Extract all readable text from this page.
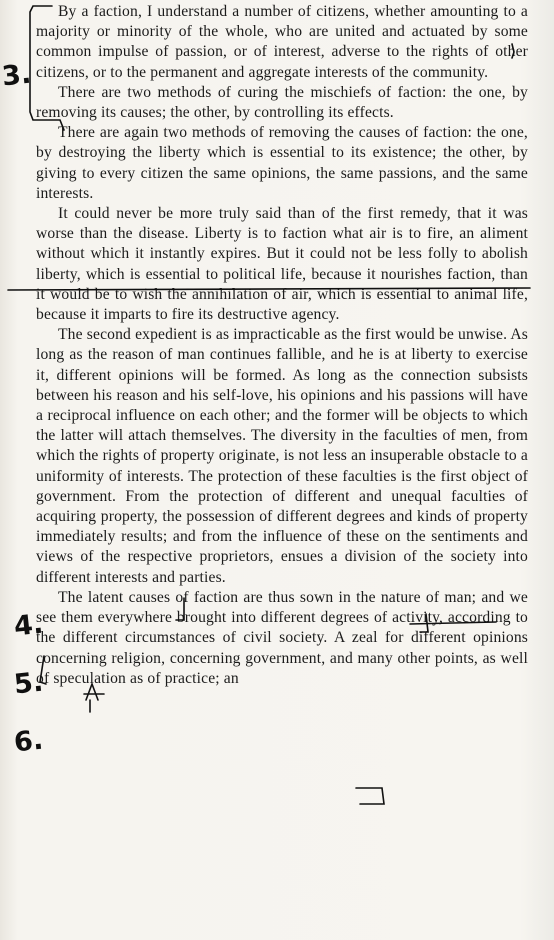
By a faction, I understand a number of citizens, whether amounting to a majority or minority of the whole, who are united and actuated by some common impulse of passion, or of interest, adverse to the rights of other citizens, or to the permanent and aggregate interests of the community.

There are two methods of curing the mischiefs of faction: the one, by removing its causes; the other, by controlling its effects.

There are again two methods of removing the causes of faction: the one, by destroying the liberty which is essential to its existence; the other, by giving to every citizen the same opinions, the same passions, and the same interests.

It could never be more truly said than of the first remedy, that it was worse than the disease. Liberty is to faction what air is to fire, an aliment without which it instantly expires. But it could not be less folly to abolish liberty, which is essential to political life, because it nourishes faction, than it would be to wish the annihilation of air, which is essential to animal life, because it imparts to fire its destructive agency.

The second expedient is as impracticable as the first would be unwise. As long as the reason of man continues fallible, and he is at liberty to exercise it, different opinions will be formed. As long as the connection subsists between his reason and his self-love, his opinions and his passions will have a reciprocal influence on each other; and the former will be objects to which the latter will attach themselves. The diversity in the faculties of men, from which the rights of property originate, is not less an insuperable obstacle to a uniformity of interests. The protection of these faculties is the first object of government. From the protection of different and unequal faculties of acquiring property, the possession of different degrees and kinds of property immediately results; and from the influence of these on the sentiments and views of the respective proprietors, ensues a division of the society into different interests and parties.

The latent causes of faction are thus sown in the nature of man; and we see them everywhere brought into different degrees of activity, according to the different circumstances of civil society. A zeal for different opinions concerning religion, concerning government, and many other points, as well of speculation as of practice; an

3.
4.
5.
6.
